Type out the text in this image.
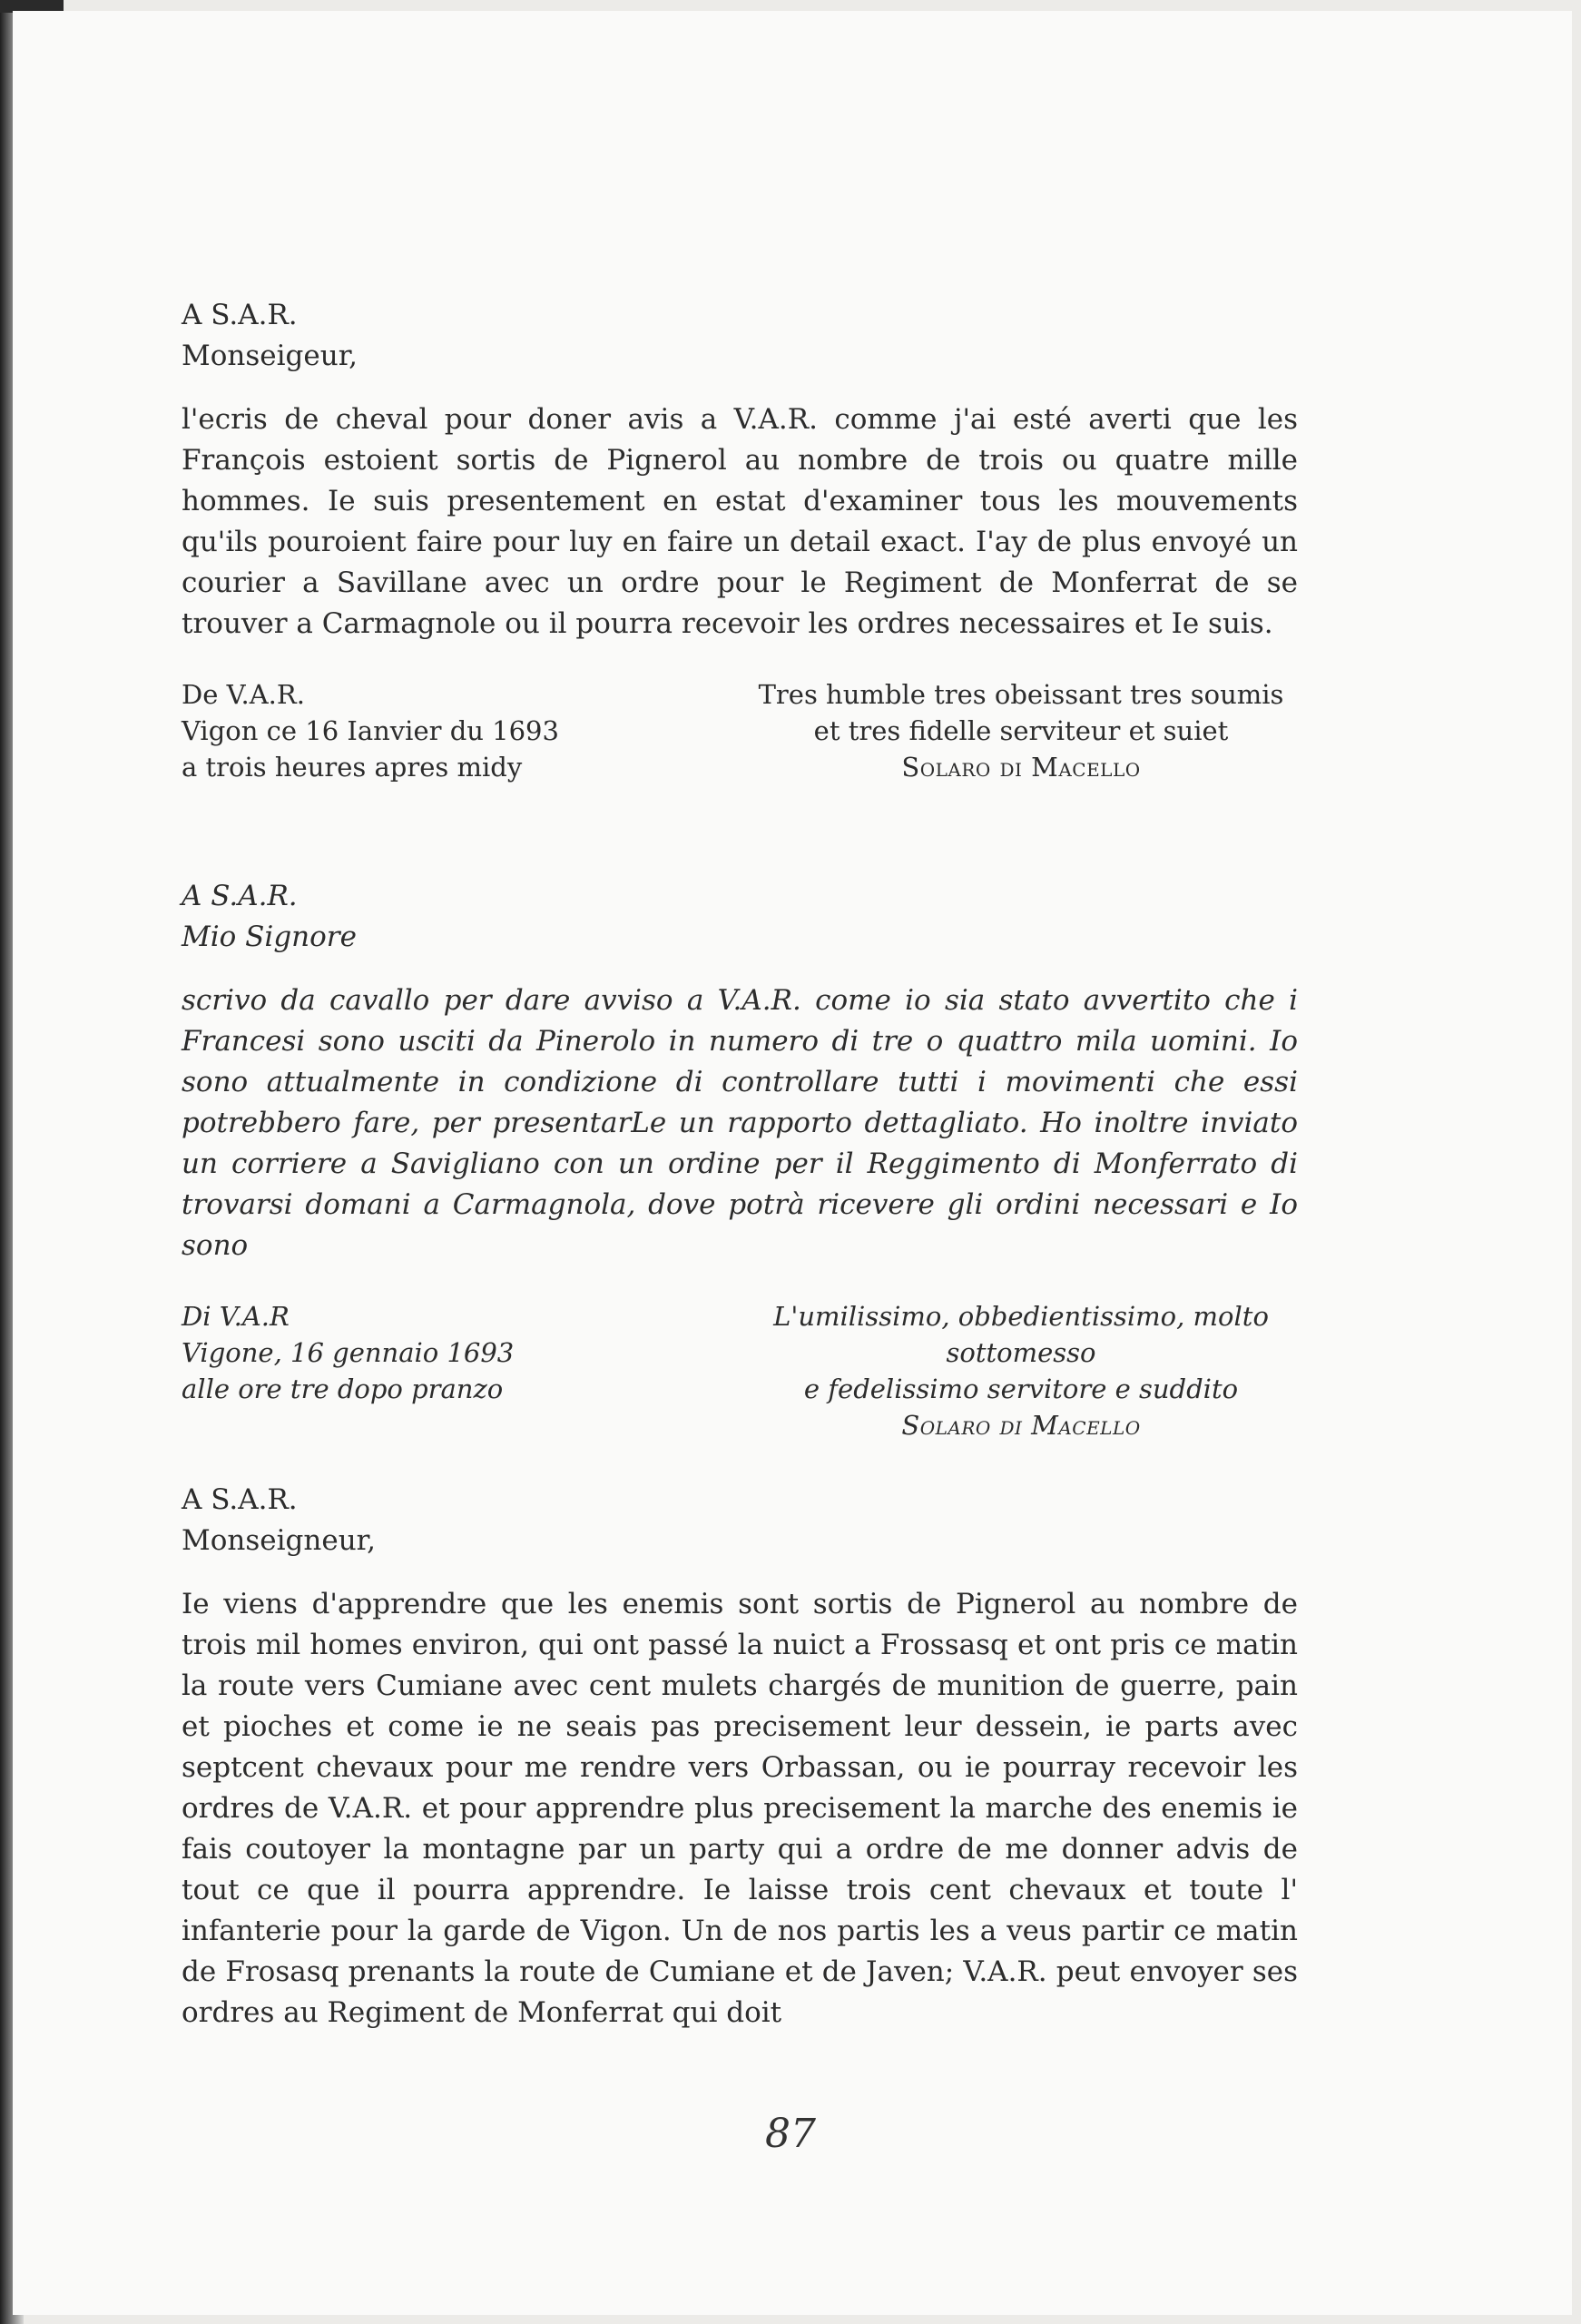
A S.A.R.
Monseigeur,
l'ecris de cheval pour doner avis a V.A.R. comme j'ai esté averti que les François estoient sortis de Pignerol au nombre de trois ou quatre mille hommes. Ie suis presentement en estat d'examiner tous les mouvements qu'ils pouroient faire pour luy en faire un detail exact. I'ay de plus envoyé un courier a Savillane avec un ordre pour le Regiment de Monferrat de se trouver a Carmagnole ou il pourra recevoir les ordres necessaires et Ie suis.
De V.A.R.
Vigon ce 16 Ianvier du 1693
a trois heures apres midy
Tres humble tres obeissant tres soumis
et tres fidelle serviteur et suiet
Solaro di Macello
A S.A.R.
Mio Signore
scrivo da cavallo per dare avviso a V.A.R. come io sia stato avvertito che i Francesi sono usciti da Pinerolo in numero di tre o quattro mila uomini. Io sono attualmente in condizione di controllare tutti i movimenti che essi potrebbero fare, per presentarLe un rapporto dettagliato. Ho inoltre inviato un corriere a Savigliano con un ordine per il Reggimento di Monferrato di trovarsi domani a Carmagnola, dove potrà ricevere gli ordini necessari e Io sono
Di V.A.R
Vigone, 16 gennaio 1693
alle ore tre dopo pranzo
L'umilissimo, obbedientissimo, molto sottomesso
e fedelissimo servitore e suddito
Solaro di Macello
A S.A.R.
Monseigneur,
Ie viens d'apprendre que les enemis sont sortis de Pignerol au nombre de trois mil homes environ, qui ont passé la nuict a Frossasq et ont pris ce matin la route vers Cumiane avec cent mulets chargés de munition de guerre, pain et pioches et come ie ne seais pas precisement leur dessein, ie parts avec septcent chevaux pour me rendre vers Orbassan, ou ie pourray recevoir les ordres de V.A.R. et pour apprendre plus precisement la marche des enemis ie fais coutoyer la montagne par un party qui a ordre de me donner advis de tout ce que il pourra apprendre. Ie laisse trois cent chevaux et toute l' infanterie pour la garde de Vigon. Un de nos partis les a veus partir ce matin de Frosasq prenants la route de Cumiane et de Javen; V.A.R. peut envoyer ses ordres au Regiment de Monferrat qui doit
87
